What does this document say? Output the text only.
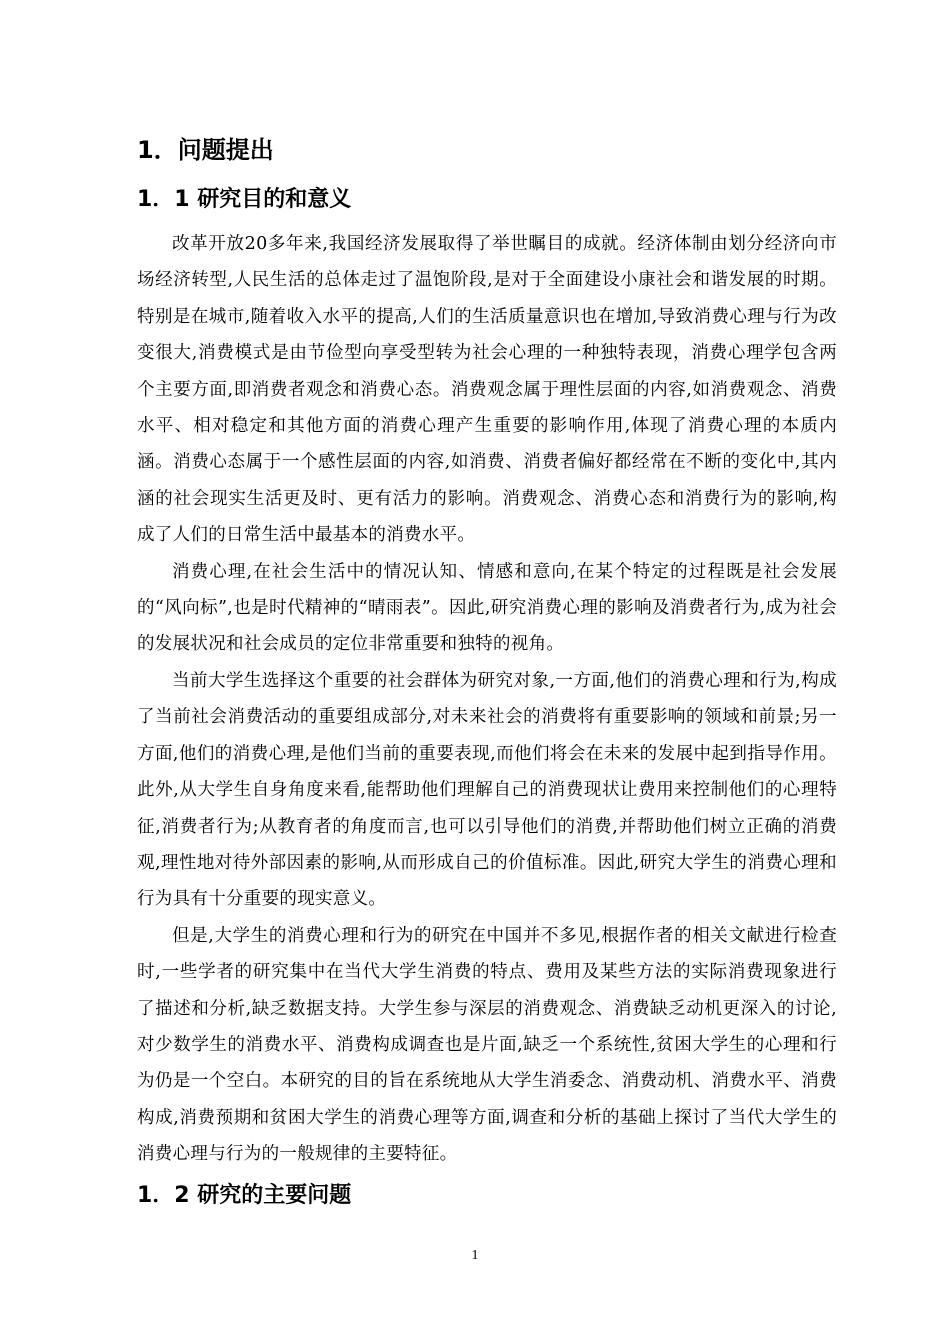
1．问题提出
1．1 研究目的和意义

改革开放20多年来,我国经济发展取得了举世瞩目的成就。经济体制由划分经济向市场经济转型,人民生活的总体走过了温饱阶段,是对于全面建设小康社会和谐发展的时期。特别是在城市,随着收入水平的提高,人们的生活质量意识也在增加,导致消费心理与行为改变很大,消费模式是由节俭型向享受型转为社会心理的一种独特表现，消费心理学包含两个主要方面,即消费者观念和消费心态。消费观念属于理性层面的内容,如消费观念、消费水平、相对稳定和其他方面的消费心理产生重要的影响作用,体现了消费心理的本质内涵。消费心态属于一个感性层面的内容,如消费、消费者偏好都经常在不断的变化中,其内涵的社会现实生活更及时、更有活力的影响。消费观念、消费心态和消费行为的影响,构成了人们的日常生活中最基本的消费水平。

消费心理,在社会生活中的情况认知、情感和意向,在某个特定的过程既是社会发展的“风向标”,也是时代精神的“晴雨表”。因此,研究消费心理的影响及消费者行为,成为社会的发展状况和社会成员的定位非常重要和独特的视角。

当前大学生选择这个重要的社会群体为研究对象,一方面,他们的消费心理和行为,构成了当前社会消费活动的重要组成部分,对未来社会的消费将有重要影响的领域和前景;另一方面,他们的消费心理,是他们当前的重要表现,而他们将会在未来的发展中起到指导作用。此外,从大学生自身角度来看,能帮助他们理解自己的消费现状让费用来控制他们的心理特征,消费者行为;从教育者的角度而言,也可以引导他们的消费,并帮助他们树立正确的消费观,理性地对待外部因素的影响,从而形成自己的价值标准。因此,研究大学生的消费心理和行为具有十分重要的现实意义。

但是,大学生的消费心理和行为的研究在中国并不多见,根据作者的相关文献进行检查时,一些学者的研究集中在当代大学生消费的特点、费用及某些方法的实际消费现象进行了描述和分析,缺乏数据支持。大学生参与深层的消费观念、消费缺乏动机更深入的讨论,对少数学生的消费水平、消费构成调查也是片面,缺乏一个系统性,贫困大学生的心理和行为仍是一个空白。本研究的目的旨在系统地从大学生消委念、消费动机、消费水平、消费构成,消费预期和贫困大学生的消费心理等方面,调查和分析的基础上探讨了当代大学生的消费心理与行为的一般规律的主要特征。

1．2 研究的主要问题
1
